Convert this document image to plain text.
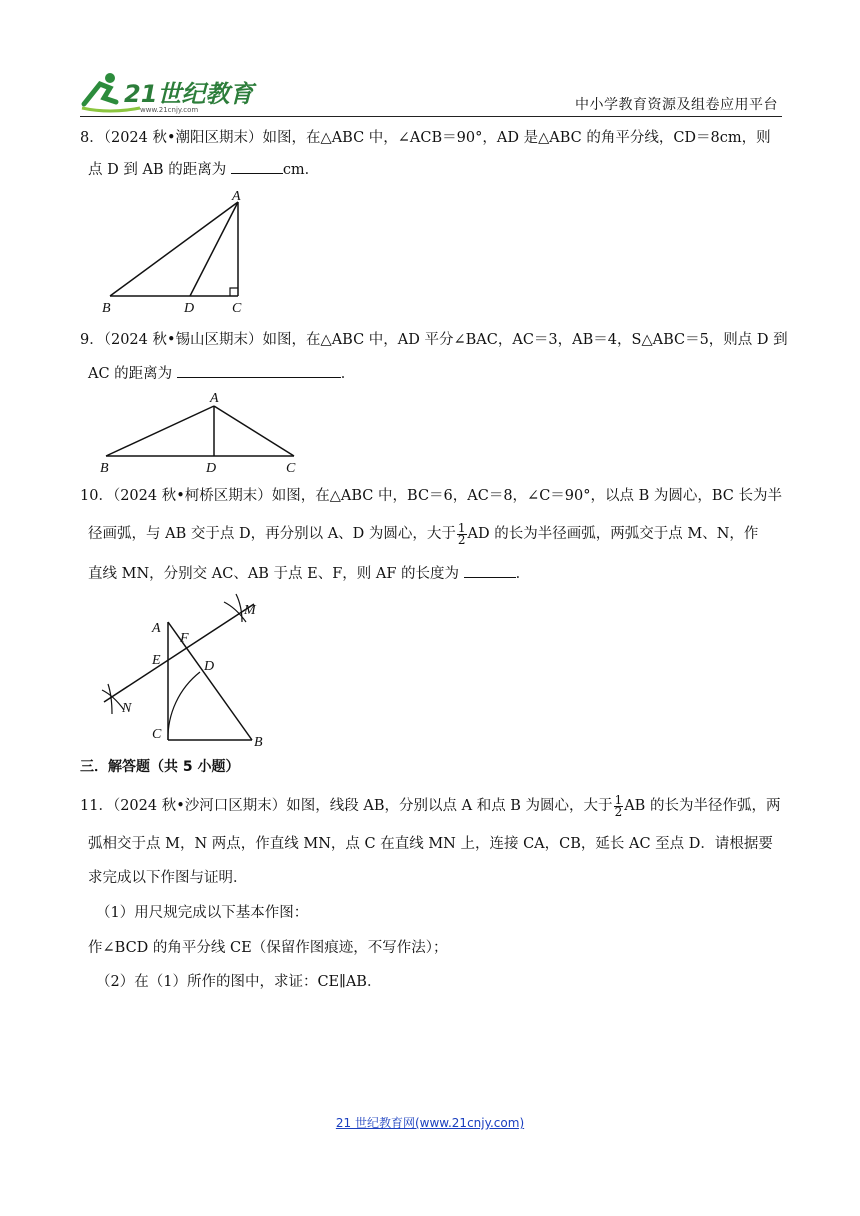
21世纪教育
www.21cnjy.com	中小学教育资源及组卷应用平台
8．（2024 秋•潮阳区期末）如图，在△ABC 中，∠ACB＝90°，AD 是△ABC 的角平分线，CD＝8cm，则
点 D 到 AB 的距离为	cm．
A
B	C
D
9．（2024 秋•锡山区期末）如图，在△ABC 中，AD 平分∠BAC，AC＝3，AB＝4，S△ABC＝5，则点 D 到
AC 的距离为	．
A
B	C
D
10．（2024 秋•柯桥区期末）如图，在△ABC 中，BC＝6，AC＝8，∠C＝90°，以点 B 为圆心，BC 长为半
径画弧，与 AB 交于点 D，再分别以 A、D 为圆心，大于 $\frac{1}{2}$ AD 的长为半径画弧，两弧交于点 M、N，作
直线 MN，分别交 AC、AB 于点 E、F，则 AF 的长度为	．
M
N
A
F
E	D
C
B
三．解答题（共 5 小题）
11．（2024 秋•沙河口区期末）如图，线段 AB，分别以点 A 和点 B 为圆心，大于 $\frac{1}{2}$ AB 的长为半径作弧，两
弧相交于点 M，N 两点，作直线 MN，点 C 在直线 MN 上，连接 CA，CB，延长 AC 至点 D．请根据要
求完成以下作图与证明．
（1）用尺规完成以下基本作图：
作∠BCD 的角平分线 CE（保留作图痕迹，不写作法）；
（2）在（1）所作的图中，求证：CE∥AB．
21 世纪教育网(www.21cnjy.com)
